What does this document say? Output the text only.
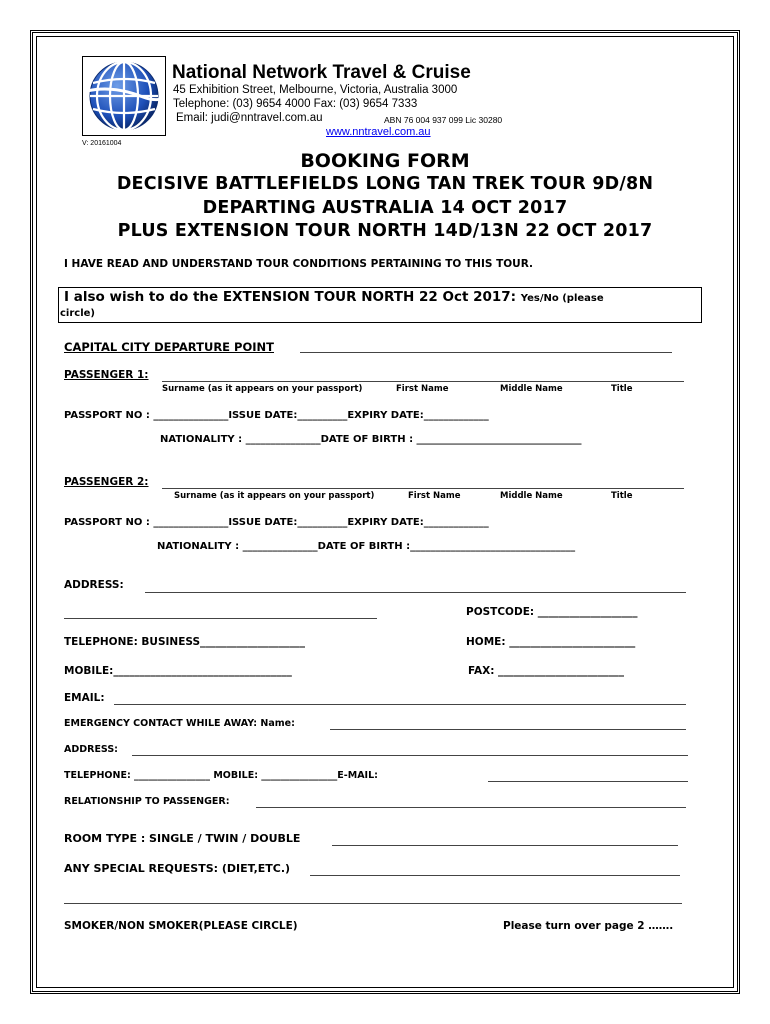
National Network Travel & Cruise
45 Exhibition Street, Melbourne, Victoria, Australia 3000
Telephone: (03) 9654 4000 Fax: (03) 9654 7333
Email: judi@nntravel.com.au	ABN 76 004 937 099 Lic 30280
www.nntravel.com.au
V: 20161004
BOOKING FORM
DECISIVE BATTLEFIELDS LONG TAN TREK TOUR 9D/8N
DEPARTING AUSTRALIA 14 OCT 2017
PLUS EXTENSION TOUR NORTH 14D/13N 22 OCT 2017
I HAVE READ AND UNDERSTAND TOUR CONDITIONS PERTAINING TO THIS TOUR.
I also wish to do the EXTENSION TOUR NORTH 22 Oct 2017: Yes/No (please
circle)
CAPITAL CITY DEPARTURE POINT
PASSENGER 1:
Surname (as it appears on your passport)	First Name	Middle Name	Title
PASSPORT NO : _______________ISSUE DATE:__________EXPIRY DATE:_____________
NATIONALITY : _______________DATE OF BIRTH : _________________________________
PASSENGER 2:
Surname (as it appears on your passport)	First Name	Middle Name	Title
PASSPORT NO : _______________ISSUE DATE:__________EXPIRY DATE:_____________
NATIONALITY : _______________DATE OF BIRTH :_________________________________
ADDRESS:
POSTCODE: ___________________
TELEPHONE: BUSINESS____________________	HOME: ________________________
MOBILE:__________________________________	FAX: ________________________
EMAIL:
EMERGENCY CONTACT WHILE AWAY: Name:
ADDRESS:
TELEPHONE: ________________ MOBILE: ________________E-MAIL:
RELATIONSHIP TO PASSENGER:
ROOM TYPE : SINGLE / TWIN / DOUBLE
ANY SPECIAL REQUESTS: (DIET,ETC.)
SMOKER/NON SMOKER(PLEASE CIRCLE)	Please turn over page 2 …….
